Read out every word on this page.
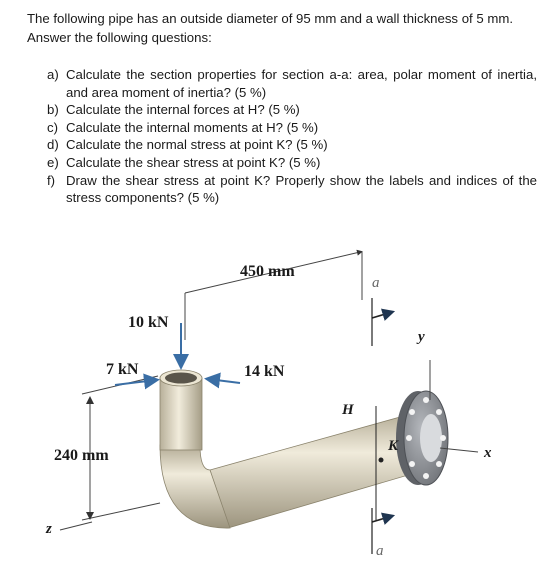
The following pipe has an outside diameter of 95 mm and a wall thickness of 5 mm. Answer the following questions:
a) Calculate the section properties for section a-a: area, polar moment of inertia, and area moment of inertia? (5 %)
b) Calculate the internal forces at H? (5 %)
c) Calculate the internal moments at H? (5 %)
d) Calculate the normal stress at point K? (5 %)
e) Calculate the shear stress at point K? (5 %)
f) Draw the shear stress at point K? Properly show the labels and indices of the stress components? (5 %)
450 mm
240 mm
10 kN
7 kN	14 kN
a
a
H
K	x
y
z
